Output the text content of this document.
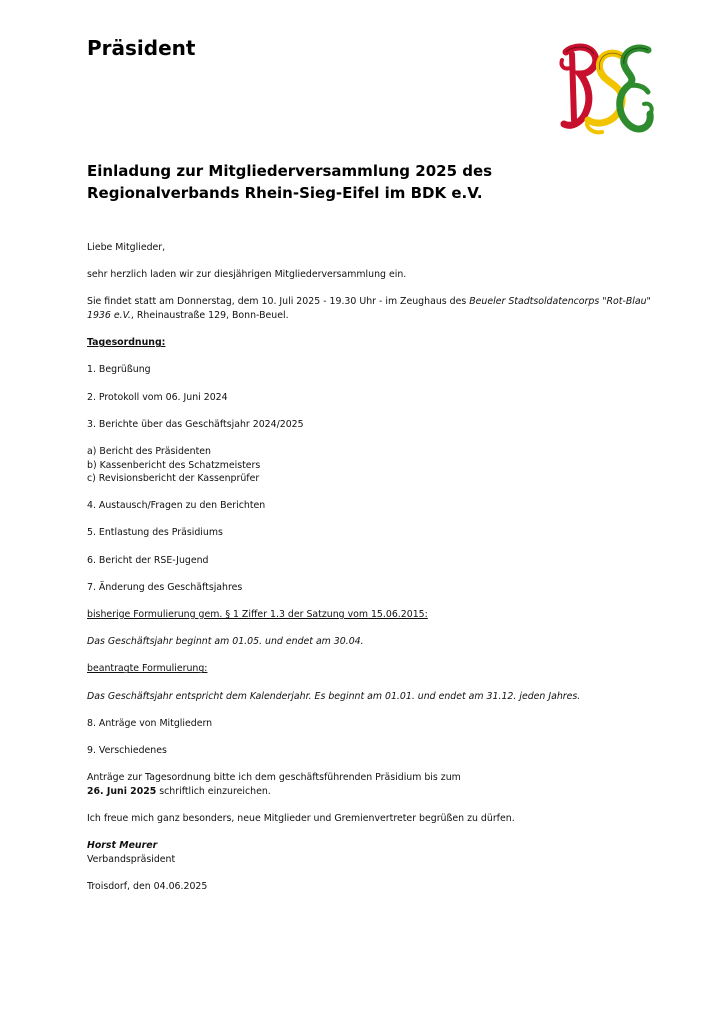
Präsident
Einladung zur Mitgliederversammlung 2025 des
Regionalverbands Rhein-Sieg-Eifel im BDK e.V.

Liebe Mitglieder,

sehr herzlich laden wir zur diesjährigen Mitgliederversammlung ein.

Sie findet statt am Donnerstag, dem 10. Juli 2025 - 19.30 Uhr - im Zeughaus des Beueler Stadtsoldatencorps "Rot-Blau" 1936 e.V., Rheinaustraße 129, Bonn-Beuel.

Tagesordnung:

1. Begrüßung

2. Protokoll vom 06. Juni 2024

3. Berichte über das Geschäftsjahr 2024/2025

a) Bericht des Präsidenten
b) Kassenbericht des Schatzmeisters
c) Revisionsbericht der Kassenprüfer

4. Austausch/Fragen zu den Berichten

5. Entlastung des Präsidiums

6. Bericht der RSE-Jugend

7. Änderung des Geschäftsjahres

bisherige Formulierung gem. § 1 Ziffer 1.3 der Satzung vom 15.06.2015:

Das Geschäftsjahr beginnt am 01.05. und endet am 30.04.

beantragte Formulierung:

Das Geschäftsjahr entspricht dem Kalenderjahr. Es beginnt am 01.01. und endet am 31.12. jeden Jahres.

8. Anträge von Mitgliedern

9. Verschiedenes

Anträge zur Tagesordnung bitte ich dem geschäftsführenden Präsidium bis zum
26. Juni 2025 schriftlich einzureichen.

Ich freue mich ganz besonders, neue Mitglieder und Gremienvertreter begrüßen zu dürfen.

Horst Meurer
Verbandspräsident

Troisdorf, den 04.06.2025
